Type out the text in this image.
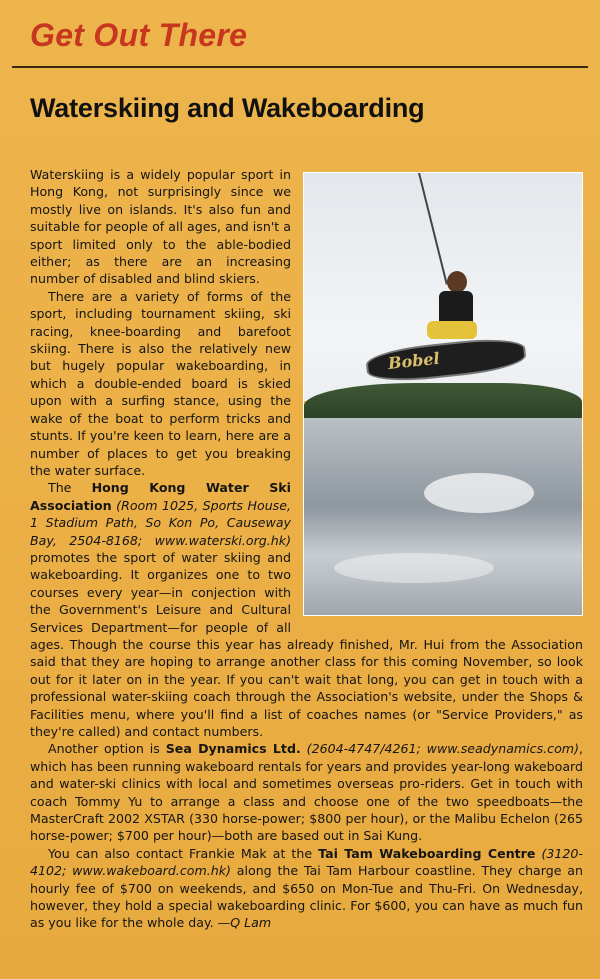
Get Out There
Waterskiing and Wakeboarding
Bobel

Waterskiing is a widely popular sport in Hong Kong, not surprisingly since we mostly live on islands. It's also fun and suitable for people of all ages, and isn't a sport limited only to the able-bodied either; as there are an increasing number of disabled and blind skiers.

There are a variety of forms of the sport, including tournament skiing, ski racing, knee-boarding and barefoot skiing. There is also the relatively new but hugely popular wakeboarding, in which a double-ended board is skied upon with a surfing stance, using the wake of the boat to perform tricks and stunts. If you're keen to learn, here are a number of places to get you breaking the water surface.

The Hong Kong Water Ski Association (Room 1025, Sports House, 1 Stadium Path, So Kon Po, Causeway Bay, 2504-8168; www.waterski.org.hk) promotes the sport of water skiing and wakeboarding. It organizes one to two courses every year—in conjection with the Government's Leisure and Cultural Services Department—for people of all ages. Though the course this year has already finished, Mr. Hui from the Association said that they are hoping to arrange another class for this coming November, so look out for it later on in the year. If you can't wait that long, you can get in touch with a professional water-skiing coach through the Association's website, under the Shops & Facilities menu, where you'll find a list of coaches names (or "Service Providers," as they're called) and contact numbers.

Another option is Sea Dynamics Ltd. (2604-4747/4261; www.seadynamics.com), which has been running wakeboard rentals for years and provides year-long wakeboard and water-ski clinics with local and sometimes overseas pro-riders. Get in touch with coach Tommy Yu to arrange a class and choose one of the two speedboats—the MasterCraft 2002 XSTAR (330 horse-power; $800 per hour), or the Malibu Echelon (265 horse-power; $700 per hour)—both are based out in Sai Kung.

You can also contact Frankie Mak at the Tai Tam Wakeboarding Centre (3120-4102; www.wakeboard.com.hk) along the Tai Tam Harbour coastline. They charge an hourly fee of $700 on weekends, and $650 on Mon-Tue and Thu-Fri. On Wednesday, however, they hold a special wakeboarding clinic. For $600, you can have as much fun as you like for the whole day. —Q Lam
